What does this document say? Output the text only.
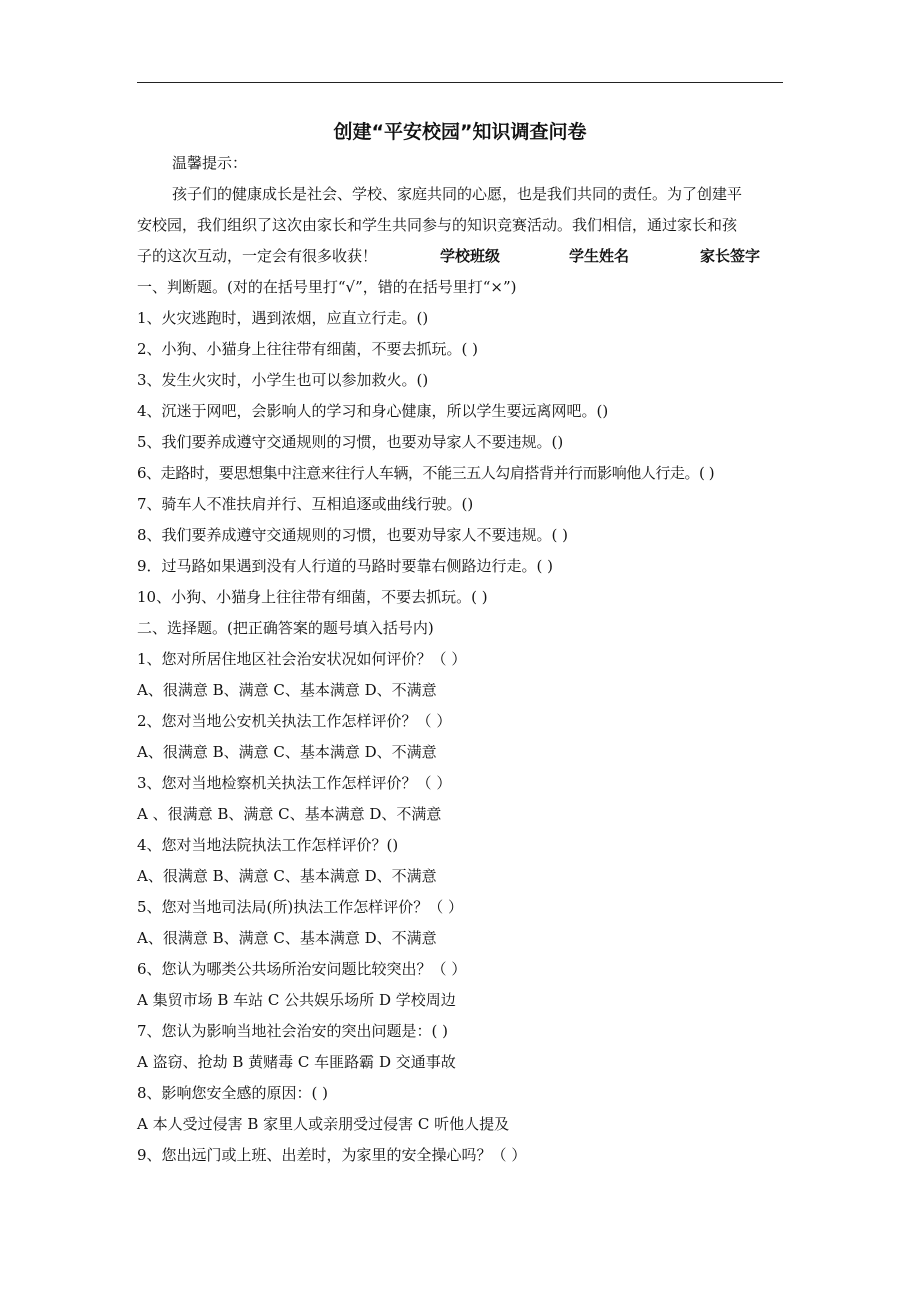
创建“平安校园”知识调查问卷
温馨提示：
孩子们的健康成长是社会、学校、家庭共同的心愿，也是我们共同的责任。为了创建平
安校园，我们组织了这次由家长和学生共同参与的知识竞赛活动。我们相信，通过家长和孩
子的这次互动，一定会有很多收获！	学校班级	学生姓名	家长签字
一、判断题。(对的在括号里打“√”，错的在括号里打“×”)
1、火灾逃跑时，遇到浓烟，应直立行走。()
2、小狗、小猫身上往往带有细菌，不要去抓玩。( )
3、发生火灾时，小学生也可以参加救火。()
4、沉迷于网吧，会影响人的学习和身心健康，所以学生要远离网吧。()
5、我们要养成遵守交通规则的习惯，也要劝导家人不要违规。()
6、走路时，要思想集中注意来往行人车辆，不能三五人勾肩搭背并行而影响他人行走。( )
7、骑车人不准扶肩并行、互相追逐或曲线行驶。()
8、我们要养成遵守交通规则的习惯，也要劝导家人不要违规。( )
9．过马路如果遇到没有人行道的马路时要靠右侧路边行走。( )
10、小狗、小猫身上往往带有细菌，不要去抓玩。( )
二、选择题。(把正确答案的题号填入括号内)
1、您对所居住地区社会治安状况如何评价？（ ）
A、很满意 B、满意 C、基本满意 D、不满意
2、您对当地公安机关执法工作怎样评价？（ ）
A、很满意 B、满意 C、基本满意 D、不满意
3、您对当地检察机关执法工作怎样评价？（ ）
A 、很满意 B、满意 C、基本满意 D、不满意
4、您对当地法院执法工作怎样评价？()
A、很满意 B、满意 C、基本满意 D、不满意
5、您对当地司法局(所)执法工作怎样评价？（ ）
A、很满意 B、满意 C、基本满意 D、不满意
6、您认为哪类公共场所治安问题比较突出？（ ）
A 集贸市场 B 车站 C 公共娱乐场所 D 学校周边
7、您认为影响当地社会治安的突出问题是：( )
A 盗窃、抢劫 B 黄赌毒 C 车匪路霸 D 交通事故
8、影响您安全感的原因：( )
A 本人受过侵害 B 家里人或亲朋受过侵害 C 听他人提及
9、您出远门或上班、出差时，为家里的安全操心吗？（ ）
